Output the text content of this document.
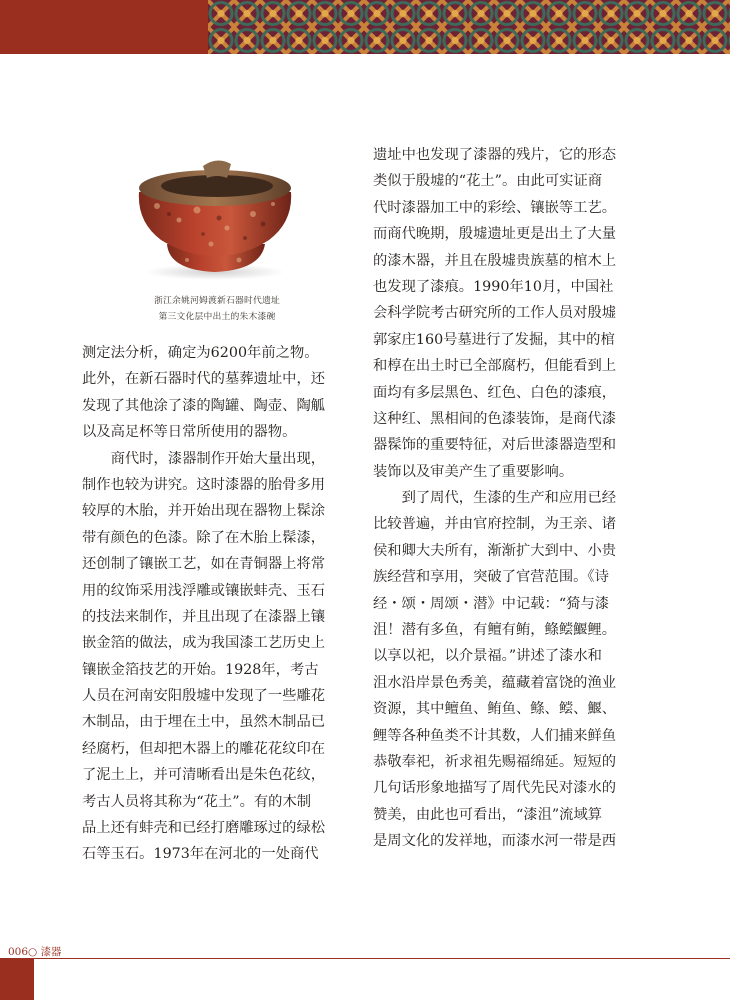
浙江余姚河姆渡新石器时代遗址
第三文化层中出土的朱木漆碗
测定法分析，确定为6200年前之物。
此外，在新石器时代的墓葬遗址中，还
发现了其他涂了漆的陶罐、陶壶、陶觚
以及高足杯等日常所使用的器物。
　　商代时，漆器制作开始大量出现，
制作也较为讲究。这时漆器的胎骨多用
较厚的木胎，并开始出现在器物上髹涂
带有颜色的色漆。除了在木胎上髹漆，
还创制了镶嵌工艺，如在青铜器上将常
用的纹饰采用浅浮雕或镶嵌蚌壳、玉石
的技法来制作，并且出现了在漆器上镶
嵌金箔的做法，成为我国漆工艺历史上
镶嵌金箔技艺的开始。1928年，考古
人员在河南安阳殷墟中发现了一些雕花
木制品，由于埋在土中，虽然木制品已
经腐朽，但却把木器上的雕花花纹印在
了泥土上，并可清晰看出是朱色花纹，
考古人员将其称为“花土”。有的木制
品上还有蚌壳和已经打磨雕琢过的绿松
石等玉石。1973年在河北的一处商代
遗址中也发现了漆器的残片，它的形态
类似于殷墟的“花土”。由此可实证商
代时漆器加工中的彩绘、镶嵌等工艺。
而商代晚期，殷墟遗址更是出土了大量
的漆木器，并且在殷墟贵族墓的棺木上
也发现了漆痕。1990年10月，中国社
会科学院考古研究所的工作人员对殷墟
郭家庄160号墓进行了发掘，其中的棺
和椁在出土时已全部腐朽，但能看到上
面均有多层黑色、红色、白色的漆痕，
这种红、黑相间的色漆装饰，是商代漆
器髹饰的重要特征，对后世漆器造型和
装饰以及审美产生了重要影响。
　　到了周代，生漆的生产和应用已经
比较普遍，并由官府控制，为王亲、诸
侯和卿大夫所有，渐渐扩大到中、小贵
族经营和享用，突破了官营范围。《诗
经・颂・周颂・潜》中记载：“猗与漆
沮！潜有多鱼，有鳣有鲔，鲦鲿鰋鲤。
以享以祀，以介景福。”讲述了漆水和
沮水沿岸景色秀美，蕴藏着富饶的渔业
资源，其中鳣鱼、鲔鱼、鲦、鲿、鰋、
鲤等各种鱼类不计其数，人们捕来鲜鱼
恭敬奉祀，祈求祖先赐福绵延。短短的
几句话形象地描写了周代先民对漆水的
赞美，由此也可看出，“漆沮”流域算
是周文化的发祥地，而漆水河一带是西
006○ 漆器
